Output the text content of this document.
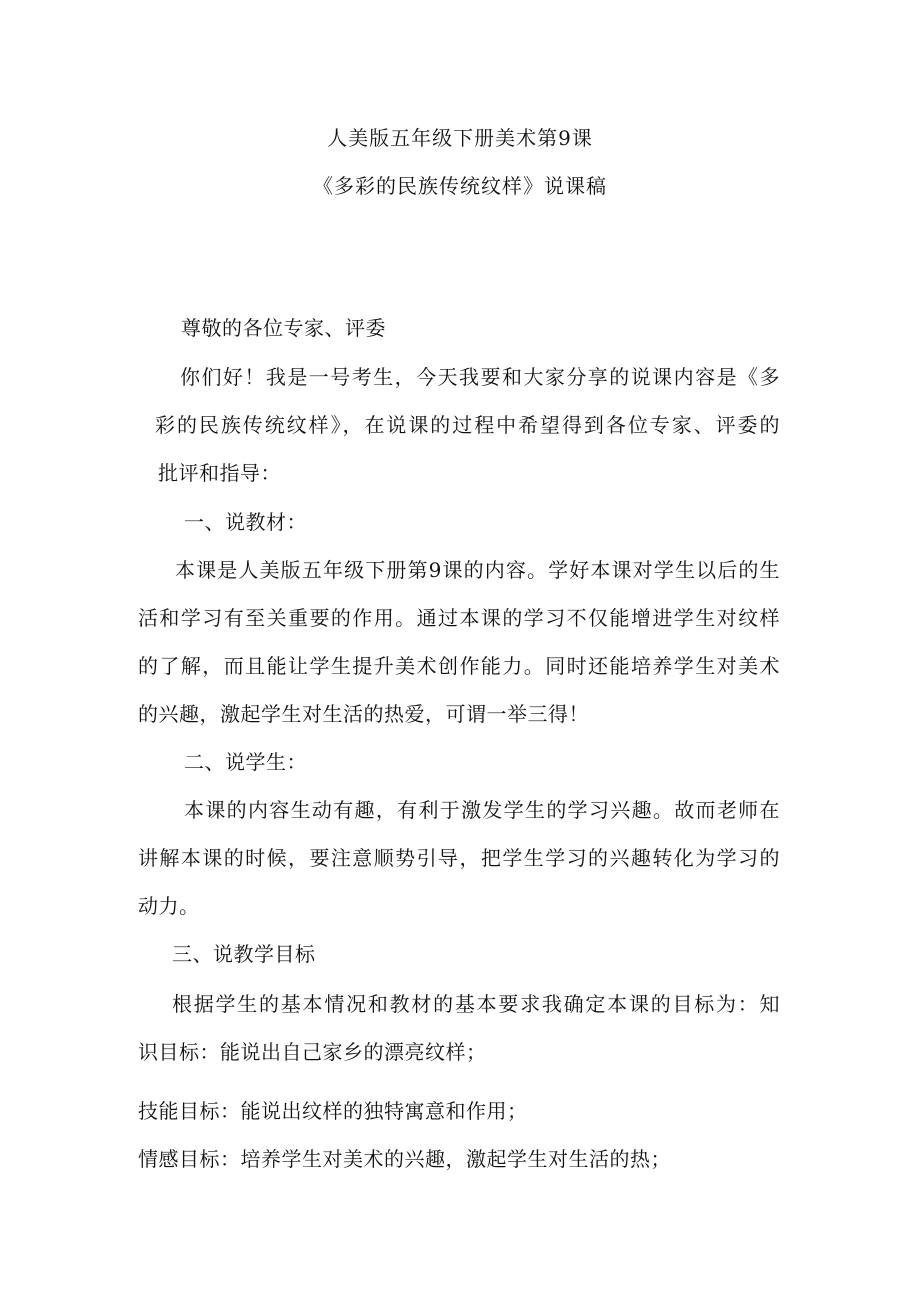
人美版五年级下册美术第9课
《多彩的民族传统纹样》说课稿
尊敬的各位专家、评委
你们好！我是一号考生，今天我要和大家分享的说课内容是《多
彩的民族传统纹样》，在说课的过程中希望得到各位专家、评委的
批评和指导：
一、说教材：
本课是人美版五年级下册第9课的内容。学好本课对学生以后的生
活和学习有至关重要的作用。通过本课的学习不仅能增进学生对纹样
的了解，而且能让学生提升美术创作能力。同时还能培养学生对美术
的兴趣，激起学生对生活的热爱，可谓一举三得！
二、说学生：
本课的内容生动有趣，有利于激发学生的学习兴趣。故而老师在
讲解本课的时候，要注意顺势引导，把学生学习的兴趣转化为学习的
动力。
三、说教学目标
根据学生的基本情况和教材的基本要求我确定本课的目标为：知
识目标：能说出自己家乡的漂亮纹样；
技能目标：能说出纹样的独特寓意和作用；
情感目标：培养学生对美术的兴趣，激起学生对生活的热；
